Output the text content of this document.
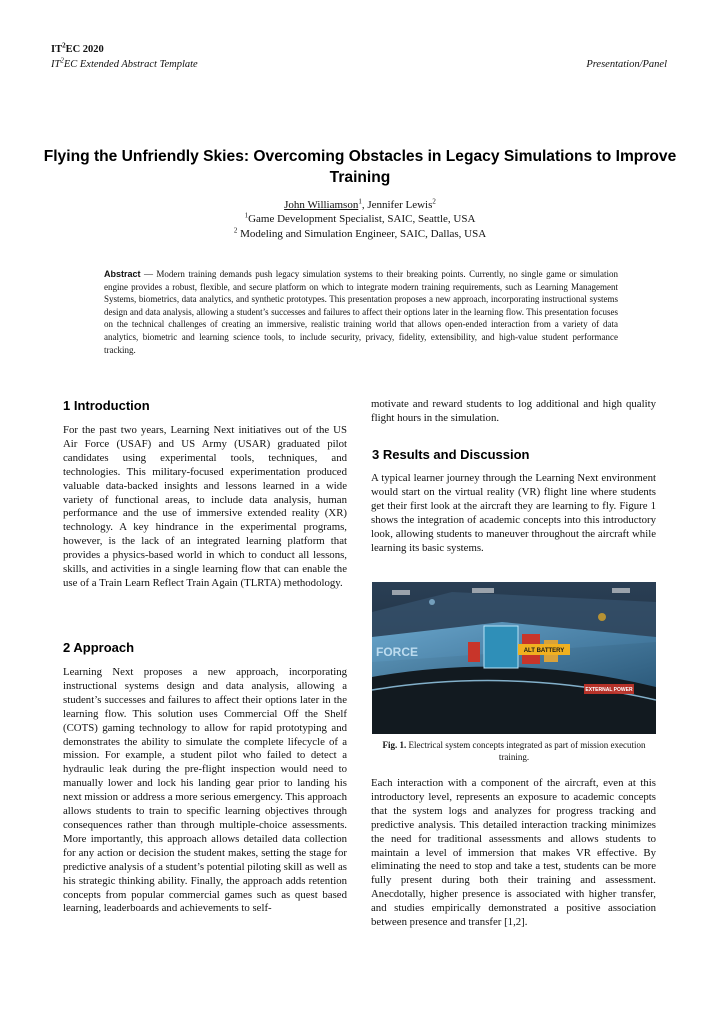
$IT^2EC$ 2020
$IT^2EC$ Extended Abstract Template	Presentation/Panel
Flying the Unfriendly Skies: Overcoming Obstacles in Legacy Simulations to Improve Training
John Williamson$^1$, Jennifer Lewis$^2$
$^1$Game Development Specialist, SAIC, Seattle, USA
$^2$ Modeling and Simulation Engineer, SAIC, Dallas, USA
Abstract — Modern training demands push legacy simulation systems to their breaking points. Currently, no single game or simulation engine provides a robust, flexible, and secure platform on which to integrate modern training requirements, such as Learning Management Systems, biometrics, data analytics, and synthetic prototypes. This presentation proposes a new approach, incorporating instructional systems design and data analysis, allowing a student’s successes and failures to affect their options later in the learning flow. This presentation focuses on the technical challenges of creating an immersive, realistic training world that allows open-ended interaction from a variety of data analytics, biometric and learning science tools, to include security, privacy, fidelity, extensibility, and high-value student performance tracking.
1 Introduction
For the past two years, Learning Next initiatives out of the US Air Force (USAF) and US Army (USAR) graduated pilot candidates using experimental tools, techniques, and technologies. This military-focused experimentation produced valuable data-backed insights and lessons learned in a wide variety of functional areas, to include data analysis, human performance and the use of immersive extended reality (XR) technology. A key hindrance in the experimental programs, however, is the lack of an integrated learning platform that provides a physics-based world in which to conduct all lessons, skills, and activities in a single learning flow that can enable the use of a Train Learn Reflect Train Again (TLRTA) methodology.
2 Approach
Learning Next proposes a new approach, incorporating instructional systems design and data analysis, allowing a student’s successes and failures to affect their options later in the learning flow. This solution uses Commercial Off the Shelf (COTS) gaming technology to allow for rapid prototyping and demonstrates the ability to simulate the complete lifecycle of a mission. For example, a student pilot who failed to detect a hydraulic leak during the pre-flight inspection would need to manually lower and lock his landing gear prior to landing his next mission or address a more serious emergency. This approach allows students to train to specific learning objectives through consequences rather than through multiple-choice assessments. More importantly, this approach allows detailed data collection for any action or decision the student makes, setting the stage for predictive analysis of a student’s potential piloting skill as well as his strategic thinking ability. Finally, the approach adds retention concepts from popular commercial games such as quest based learning, leaderboards and achievements to self-
motivate and reward students to log additional and high quality flight hours in the simulation.
3 Results and Discussion
A typical learner journey through the Learning Next environment would start on the virtual reality (VR) flight line where students get their first look at the aircraft they are learning to fly. Figure 1 shows the integration of academic concepts into this introductory look, allowing students to maneuver throughout the aircraft while learning its basic systems.
ALT BATTERY
EXTERNAL POWER
FORCE
Fig. 1. Electrical system concepts integrated as part of mission execution training.
Each interaction with a component of the aircraft, even at this introductory level, represents an exposure to academic concepts that the system logs and analyzes for progress tracking and predictive analysis. This detailed interaction tracking minimizes the need for traditional assessments and allows students to maintain a level of immersion that makes VR effective. By eliminating the need to stop and take a test, students can be more fully present during both their training and assessment. Anecdotally, higher presence is associated with higher transfer, and studies empirically demonstrated a positive association between presence and transfer [1,2].
